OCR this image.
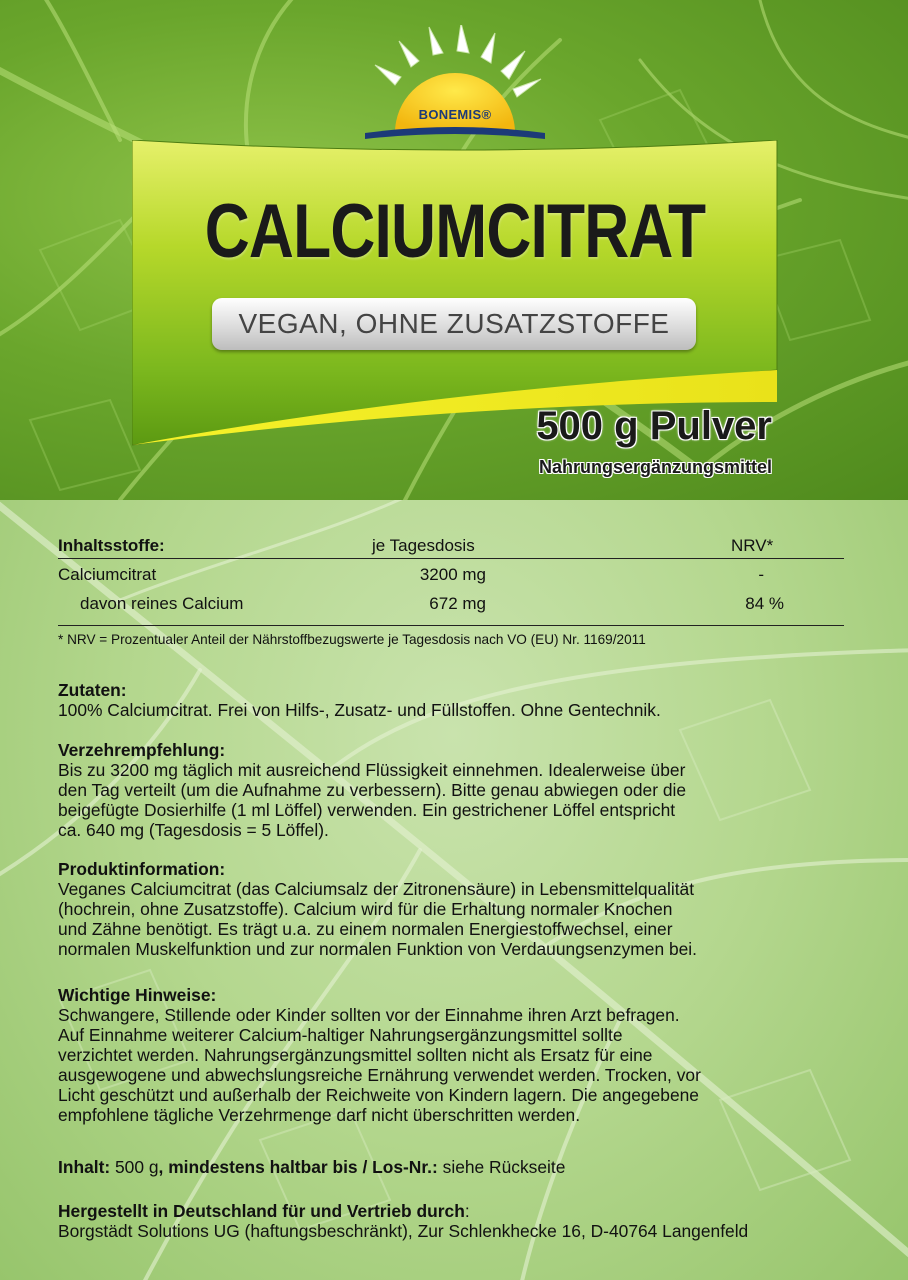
BONEMIS®
CALCIUMCITRAT
VEGAN, OHNE ZUSATZSTOFFE
500 g Pulver
Nahrungsergänzungsmittel
Inhaltsstoffe:	je Tagesdosis	NRV*
Calciumcitrat	3200 mg	-
davon reines Calcium	672 mg	84 %
* NRV = Prozentualer Anteil der Nährstoffbezugswerte je Tagesdosis nach VO (EU) Nr. 1169/2011
Zutaten:

100% Calciumcitrat. Frei von Hilfs-, Zusatz- und Füllstoffen. Ohne Gentechnik.

Verzehrempfehlung:

Bis zu 3200 mg täglich mit ausreichend Flüssigkeit einnehmen. Idealerweise über

den Tag verteilt (um die Aufnahme zu verbessern). Bitte genau abwiegen oder die

beigefügte Dosierhilfe (1 ml Löffel) verwenden. Ein gestrichener Löffel entspricht

ca. 640 mg (Tagesdosis = 5 Löffel).

Produktinformation:

Veganes Calciumcitrat (das Calciumsalz der Zitronensäure) in Lebensmittelqualität

(hochrein, ohne Zusatzstoffe). Calcium wird für die Erhaltung normaler Knochen

und Zähne benötigt. Es trägt u.a. zu einem normalen Energiestoffwechsel, einer

normalen Muskelfunktion und zur normalen Funktion von Verdauungsenzymen bei.

Wichtige Hinweise:

Schwangere, Stillende oder Kinder sollten vor der Einnahme ihren Arzt befragen.

Auf Einnahme weiterer Calcium-haltiger Nahrungsergänzungsmittel sollte

verzichtet werden. Nahrungsergänzungsmittel sollten nicht als Ersatz für eine

ausgewogene und abwechslungsreiche Ernährung verwendet werden. Trocken, vor

Licht geschützt und außerhalb der Reichweite von Kindern lagern. Die angegebene

empfohlene tägliche Verzehrmenge darf nicht überschritten werden.

Inhalt: 500 g, mindestens haltbar bis / Los-Nr.: siehe Rückseite

Hergestellt in Deutschland für und Vertrieb durch:

Borgstädt Solutions UG (haftungsbeschränkt), Zur Schlenkhecke 16, D-40764 Langenfeld
